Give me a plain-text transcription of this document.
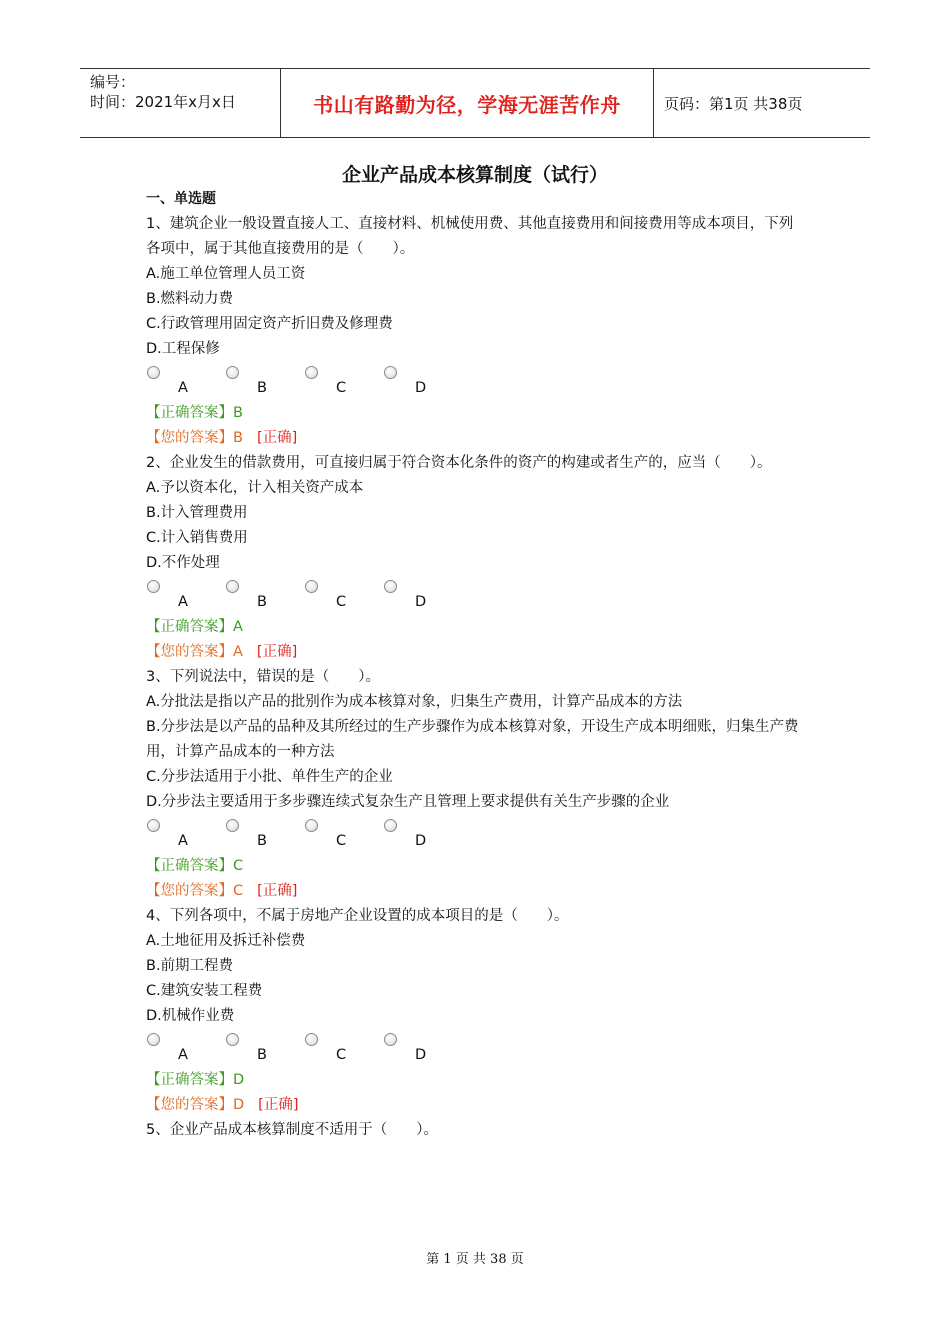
编号：
时间：2021年x月x日	书山有路勤为径，学海无涯苦作舟	页码：第1页 共38页
企业产品成本核算制度（试行）
一、单选题

1、建筑企业一般设置直接人工、直接材料、机械使用费、其他直接费用和间接费用等成本项目，下列各项中，属于其他直接费用的是（　　）。

A.施工单位管理人员工资

B.燃料动力费

C.行政管理用固定资产折旧费及修理费

D.工程保修

A	B	C	D

【正确答案】B

【您的答案】B [正确]

2、企业发生的借款费用，可直接归属于符合资本化条件的资产的构建或者生产的，应当（　　）。

A.予以资本化，计入相关资产成本

B.计入管理费用

C.计入销售费用

D.不作处理

A	B	C	D

【正确答案】A

【您的答案】A [正确]

3、下列说法中，错误的是（　　）。

A.分批法是指以产品的批别作为成本核算对象，归集生产费用，计算产品成本的方法

B.分步法是以产品的品种及其所经过的生产步骤作为成本核算对象，开设生产成本明细账，归集生产费用，计算产品成本的一种方法

C.分步法适用于小批、单件生产的企业

D.分步法主要适用于多步骤连续式复杂生产且管理上要求提供有关生产步骤的企业

A	B	C	D

【正确答案】C

【您的答案】C [正确]

4、下列各项中，不属于房地产企业设置的成本项目的是（　　）。

A.土地征用及拆迁补偿费

B.前期工程费

C.建筑安装工程费

D.机械作业费

A	B	C	D

【正确答案】D

【您的答案】D [正确]

5、企业产品成本核算制度不适用于（　　）。

第 1 页 共 38 页
